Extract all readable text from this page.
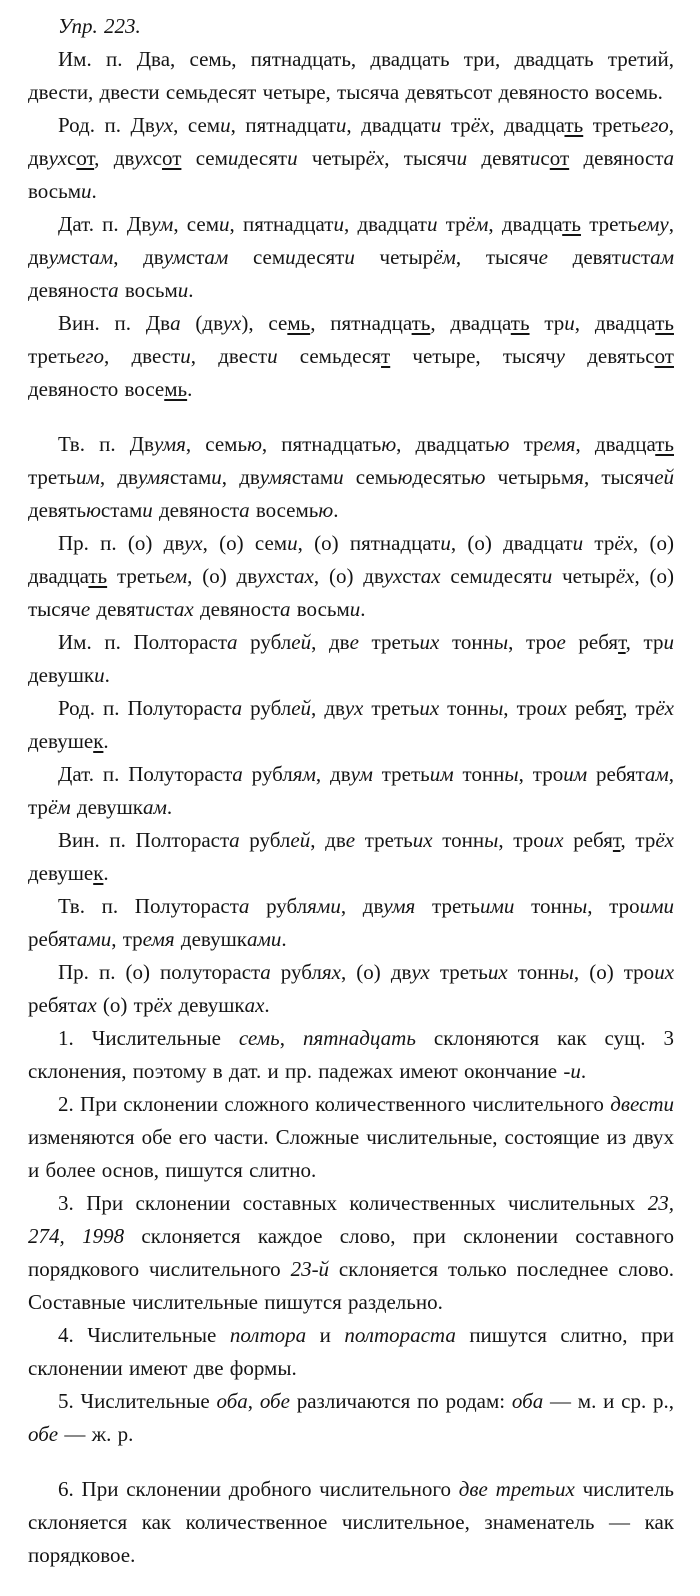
Упр. 223.

Им. п. Два, семь, пятнадцать, двадцать три, двадцать третий, двести, двести семьдесят четыре, тысяча девятьсот девяносто восемь.

Род. п. Двух, семи, пятнадцати, двадцати трёх, двадцать третьего, двухсот, двухсот семидесяти четырёх, тысячи девятисот девяноста восьми.

Дат. п. Двум, семи, пятнадцати, двадцати трём, двадцать третьему, двумстам, двумстам семидесяти четырём, тысяче девятистам девяноста восьми.

Вин. п. Два (двух), семь, пятнадцать, двадцать три, двадцать третьего, двести, двести семьдесят четыре, тысячу девятьсот девяносто восемь.

Тв. п. Двумя, семью, пятнадцатью, двадцатью тремя, двадцать третьим, двумястами, двумястами семьюдесятью четырьмя, тысячей девятьюстами девяноста восемью.

Пр. п. (о) двух, (о) семи, (о) пятнадцати, (о) двадцати трёх, (о) двадцать третьем, (о) двухстах, (о) двухстах семидесяти четырёх, (о) тысяче девятистах девяноста восьми.

Им. п. Полтораста рублей, две третьих тонны, трое ребят, три девушки.

Род. п. Полутораста рублей, двух третьих тонны, троих ребят, трёх девушек.

Дат. п. Полутораста рублям, двум третьим тонны, троим ребятам, трём девушкам.

Вин. п. Полтораста рублей, две третьих тонны, троих ребят, трёх девушек.

Тв. п. Полутораста рублями, двумя третьими тонны, троими ребятами, тремя девушками.

Пр. п. (о) полутораста рублях, (о) двух третьих тонны, (о) троих ребятах (о) трёх девушках.

1. Числительные семь, пятнадцать склоняются как сущ. 3 склонения, поэтому в дат. и пр. падежах имеют окончание -и.

2. При склонении сложного количественного числительного двести изменяются обе его части. Сложные числительные, состоящие из двух и более основ, пишутся слитно.

3. При склонении составных количественных числительных 23, 274, 1998 склоняется каждое слово, при склонении составного порядкового числительного 23-й склоняется только последнее слово. Составные числительные пишутся раздельно.

4. Числительные полтора и полтораста пишутся слитно, при склонении имеют две формы.

5. Числительные оба, обе различаются по родам: оба — м. и ср. р., обе — ж. р.

6. При склонении дробного числительного две третьих числитель склоняется как количественное числительное, знаменатель — как порядковое.
